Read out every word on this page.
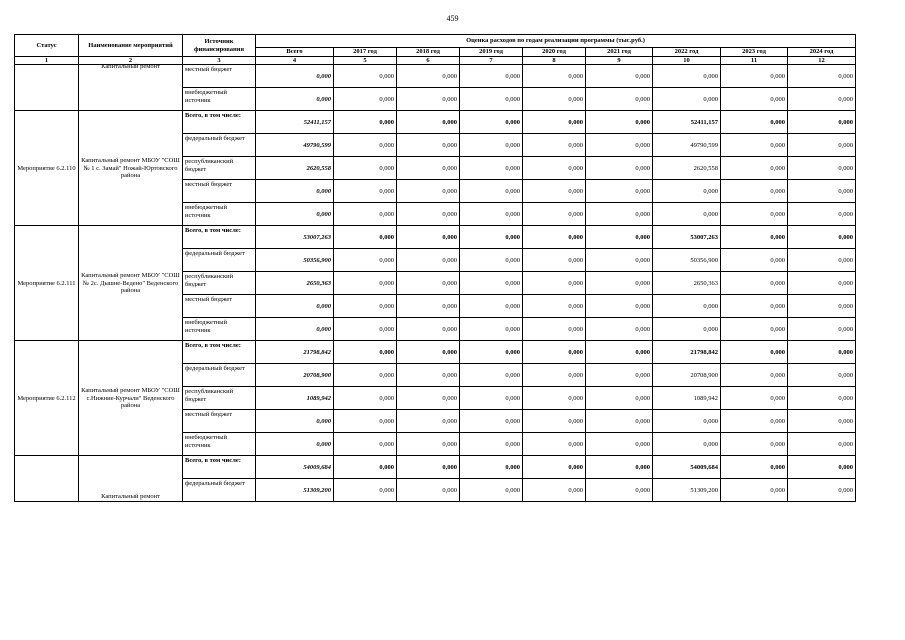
459
Статус	Наименование мероприятий	Источник финансирования	Оценка расходов по годам реализации программы (тыс.руб.)								
			Всего	2017 год	2018 год	2019 год	2020 год	2021 год	2022 год	2023 год	2024 год
1	2	3	4	5	6	7	8	9	10	11	12

	Капитальный ремонт	местный бюджет	0,000	0,000	0,000	0,000	0,000	0,000	0,000	0,000	0,000
		внебюджетный источник	0,000	0,000	0,000	0,000	0,000	0,000	0,000	0,000	0,000
Мероприятие 6.2.110	Капитальный ремонт МБОУ "СОШ № 1 с. Замай" Ножай-Юртовского района	Всего, в том числе:	52411,157	0,000	0,000	0,000	0,000	0,000	52411,157	0,000	0,000
		федеральный бюджет	49790,599	0,000	0,000	0,000	0,000	0,000	49790,599	0,000	0,000
		республиканский бюджет	2620,558	0,000	0,000	0,000	0,000	0,000	2620,558	0,000	0,000
		местный бюджет	0,000	0,000	0,000	0,000	0,000	0,000	0,000	0,000	0,000
		внебюджетный источник	0,000	0,000	0,000	0,000	0,000	0,000	0,000	0,000	0,000
Мероприятие 6.2.111	Капитальный ремонт МБОУ "СОШ № 2с. Дышне-Ведено" Веденского района	Всего, в том числе:	53007,263	0,000	0,000	0,000	0,000	0,000	53007,263	0,000	0,000
		федеральный бюджет	50356,900	0,000	0,000	0,000	0,000	0,000	50356,900	0,000	0,000
		республиканский бюджет	2650,363	0,000	0,000	0,000	0,000	0,000	2650,363	0,000	0,000
		местный бюджет	0,000	0,000	0,000	0,000	0,000	0,000	0,000	0,000	0,000
		внебюджетный источник	0,000	0,000	0,000	0,000	0,000	0,000	0,000	0,000	0,000
Мероприятие 6.2.112	Капитальный ремонт МБОУ "СОШ с.Нижние-Курчали" Веденского района	Всего, в том числе:	21798,842	0,000	0,000	0,000	0,000	0,000	21798,842	0,000	0,000
		федеральный бюджет	20708,900	0,000	0,000	0,000	0,000	0,000	20708,900	0,000	0,000
		республиканский бюджет	1089,942	0,000	0,000	0,000	0,000	0,000	1089,942	0,000	0,000
		местный бюджет	0,000	0,000	0,000	0,000	0,000	0,000	0,000	0,000	0,000
		внебюджетный источник	0,000	0,000	0,000	0,000	0,000	0,000	0,000	0,000	0,000
	Капитальный ремонт	Всего, в том числе:	54009,684	0,000	0,000	0,000	0,000	0,000	54009,684	0,000	0,000
		федеральный бюджет	51309,200	0,000	0,000	0,000	0,000	0,000	51309,200	0,000	0,000
